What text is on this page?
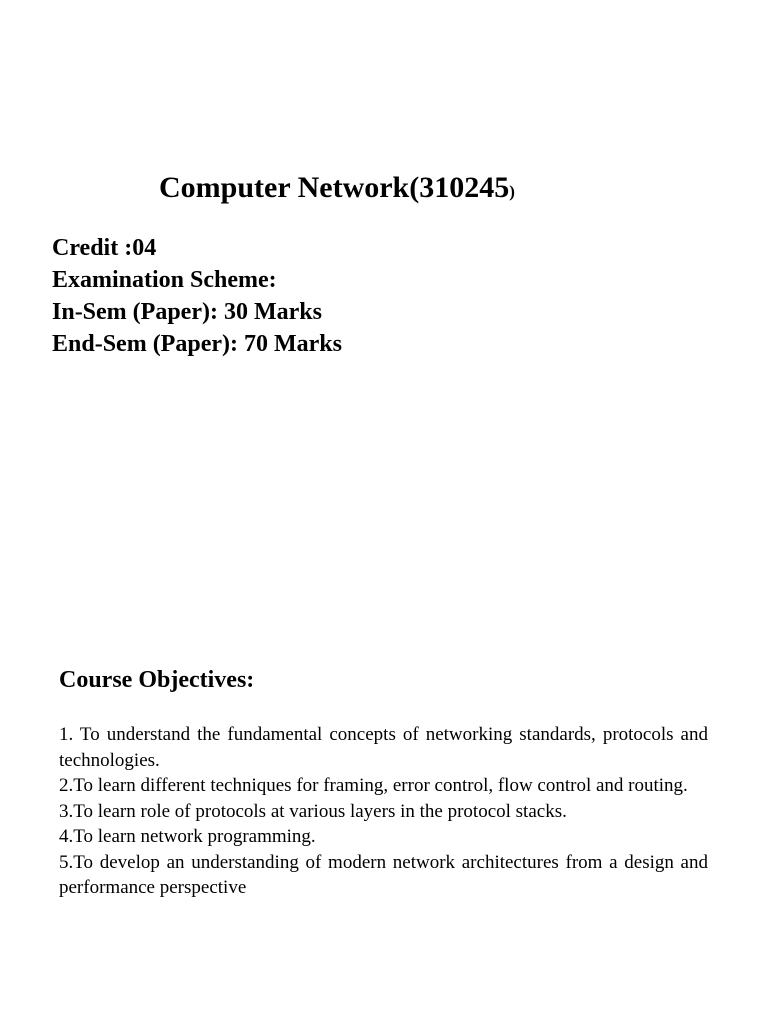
Computer Network(310245)
Credit :04
Examination Scheme:
In-Sem (Paper): 30 Marks
End-Sem (Paper): 70 Marks
Course Objectives:
1. To understand the fundamental concepts of networking standards, protocols and technologies.
2.To learn different techniques for framing, error control, flow control and routing.
3.To learn role of protocols at various layers in the protocol stacks.
4.To learn network programming.
5.To develop an understanding of modern network architectures from a design and performance perspective
